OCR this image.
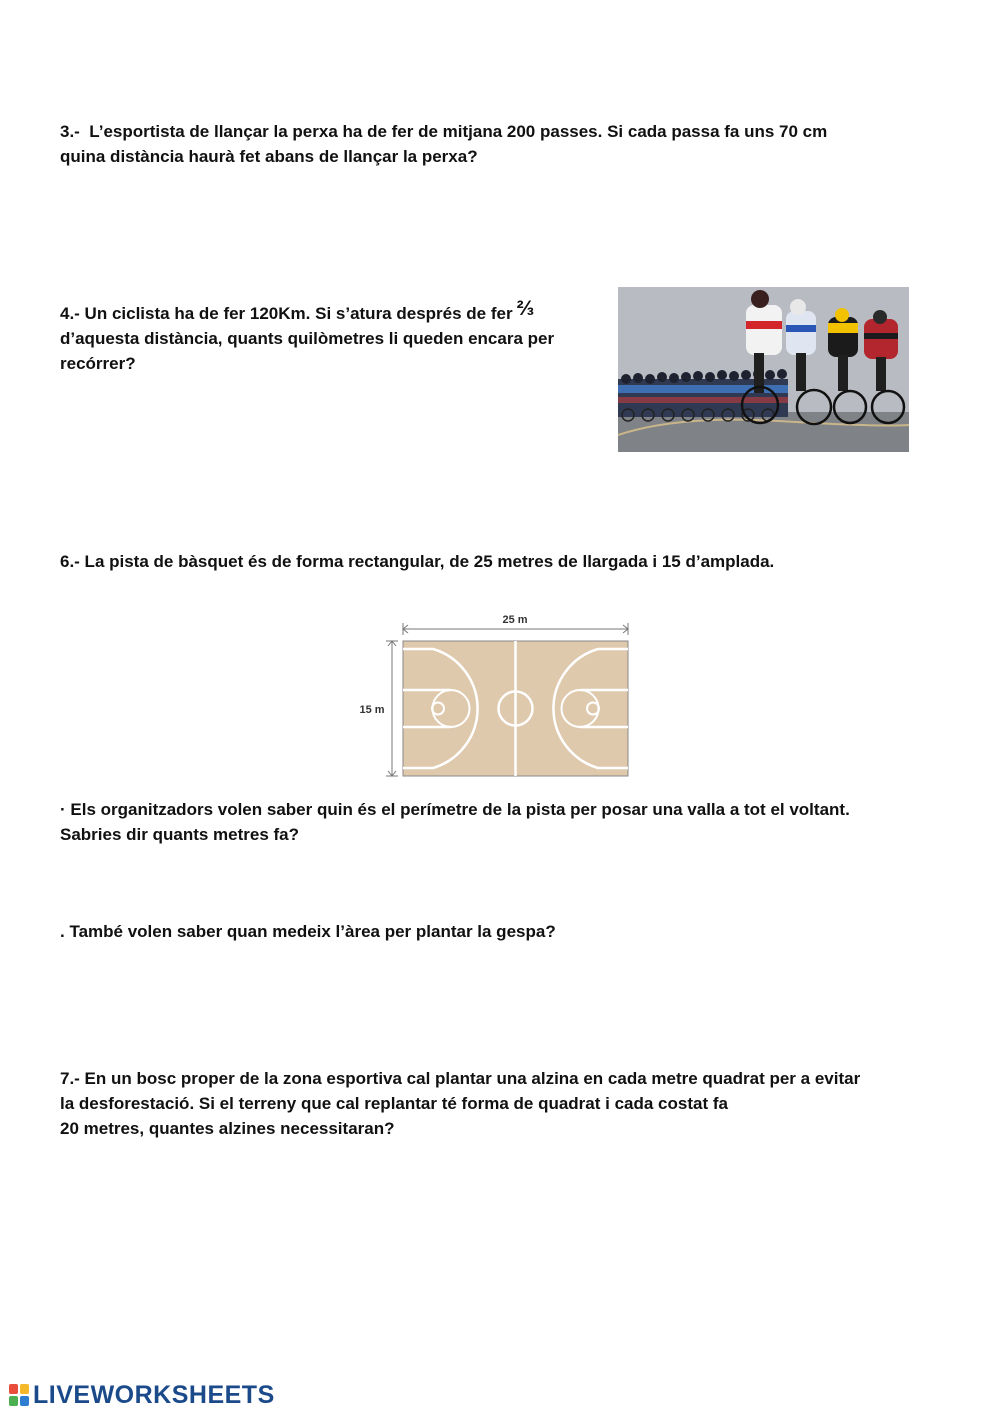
3.-  L’esportista de llançar la perxa ha de fer de mitjana 200 passes. Si cada passa fa uns 70 cm
quina distància haurà fet abans de llançar la perxa?
4.- Un ciclista ha de fer 120Km. Si s’atura després de fer ⅔
d’aquesta distància, quants quilòmetres li queden encara per
recórrer?
6.- La pista de bàsquet és de forma rectangular, de 25 metres de llargada i 15 d’amplada.
25 m
15 m
· Els organitzadors volen saber quin és el perímetre de la pista per posar una valla a tot el voltant.
Sabries dir quants metres fa?
. També volen saber quan medeix l’àrea per plantar la gespa?
7.- En un bosc proper de la zona esportiva cal plantar una alzina en cada metre quadrat per a evitar
la desforestació. Si el terreny que cal replantar té forma de quadrat i cada costat fa
20 metres, quantes alzines necessitaran?
LIVEWORKSHEETS
